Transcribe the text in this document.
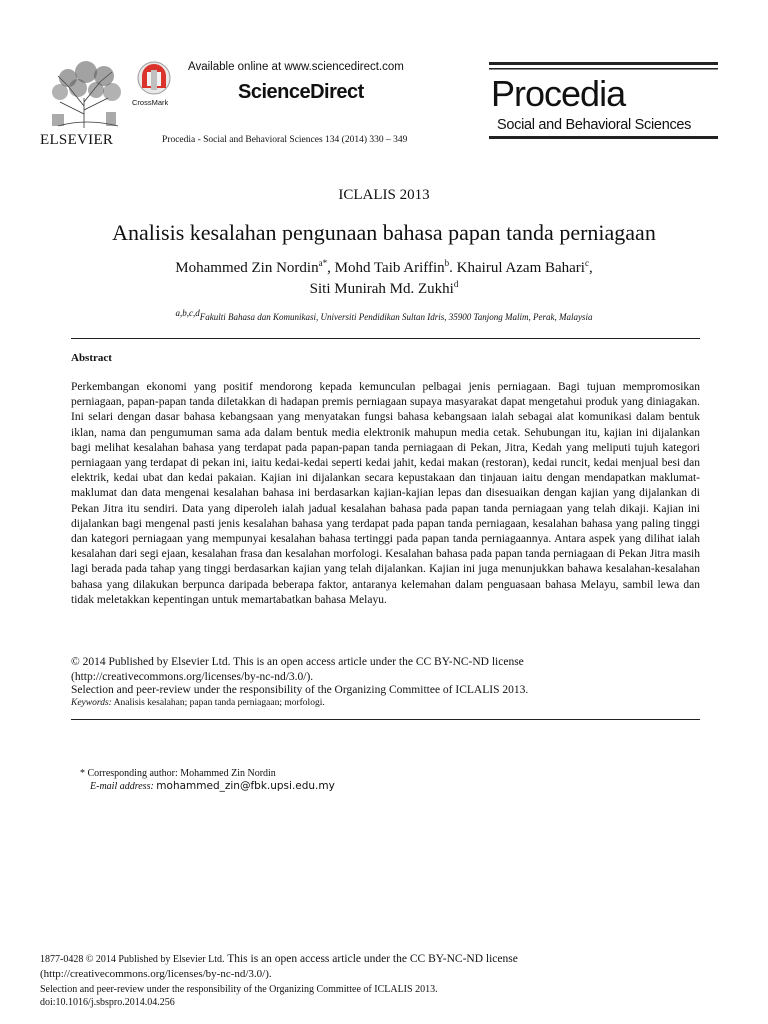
ELSEVIER
CrossMark
Available online at www.sciencedirect.com
ScienceDirect
Procedia - Social and Behavioral Sciences 134 (2014) 330 – 349
Procedia
Social and Behavioral Sciences
ICLALIS 2013
Analisis kesalahan pengunaan bahasa papan tanda perniagaan
Mohammed Zin Nordin$^{a*}$, Mohd Taib Ariffin$^b$. Khairul Azam Bahari$^c$,
Siti Munirah Md. Zukhi$^d$
$^{a,b,c,d}$Fakulti Bahasa dan Komunikasi, Universiti Pendidikan Sultan Idris, 35900 Tanjong Malim, Perak, Malaysia
Abstract
Perkembangan ekonomi yang positif mendorong kepada kemunculan pelbagai jenis perniagaan. Bagi tujuan mempromosikan perniagaan, papan-papan tanda diletakkan di hadapan premis perniagaan supaya masyarakat dapat mengetahui produk yang diniagakan. Ini selari dengan dasar bahasa kebangsaan yang menyatakan fungsi bahasa kebangsaan ialah sebagai alat komunikasi dalam bentuk iklan, nama dan pengumuman sama ada dalam bentuk media elektronik mahupun media cetak. Sehubungan itu, kajian ini dijalankan bagi melihat kesalahan bahasa yang terdapat pada papan-papan tanda perniagaan di Pekan, Jitra, Kedah yang meliputi tujuh kategori perniagaan yang terdapat di pekan ini, iaitu kedai-kedai seperti kedai jahit, kedai makan (restoran), kedai runcit, kedai menjual besi dan elektrik, kedai ubat dan kedai pakaian. Kajian ini dijalankan secara kepustakaan dan tinjauan iaitu dengan mendapatkan maklumat-maklumat dan data mengenai kesalahan bahasa ini berdasarkan kajian-kajian lepas dan disesuaikan dengan kajian yang dijalankan di Pekan Jitra itu sendiri. Data yang diperoleh ialah jadual kesalahan bahasa pada papan tanda perniagaan yang telah dikaji. Kajian ini dijalankan bagi mengenal pasti jenis kesalahan bahasa yang terdapat pada papan tanda perniagaan, kesalahan bahasa yang paling tinggi dan kategori perniagaan yang mempunyai kesalahan bahasa tertinggi pada papan tanda perniagaannya. Antara aspek yang dilihat ialah kesalahan dari segi ejaan, kesalahan frasa dan kesalahan morfologi. Kesalahan bahasa pada papan tanda perniagaan di Pekan Jitra masih lagi berada pada tahap yang tinggi berdasarkan kajian yang telah dijalankan. Kajian ini juga menunjukkan bahawa kesalahan-kesalahan bahasa yang dilakukan berpunca daripada beberapa faktor, antaranya kelemahan dalam penguasaan bahasa Melayu, sambil lewa dan tidak meletakkan kepentingan untuk memartabatkan bahasa Melayu.
© 2014 Published by Elsevier Ltd. This is an open access article under the CC BY-NC-ND license
(http://creativecommons.org/licenses/by-nc-nd/3.0/).
Selection and peer-review under the responsibility of the Organizing Committee of ICLALIS 2013.
Keywords: Analisis kesalahan; papan tanda perniagaan; morfologi.
* Corresponding author: Mohammed Zin Nordin
E-mail address: mohammed_zin@fbk.upsi.edu.my
1877-0428 © 2014 Published by Elsevier Ltd. This is an open access article under the CC BY-NC-ND license
(http://creativecommons.org/licenses/by-nc-nd/3.0/).
Selection and peer-review under the responsibility of the Organizing Committee of ICLALIS 2013.
doi:10.1016/j.sbspro.2014.04.256
